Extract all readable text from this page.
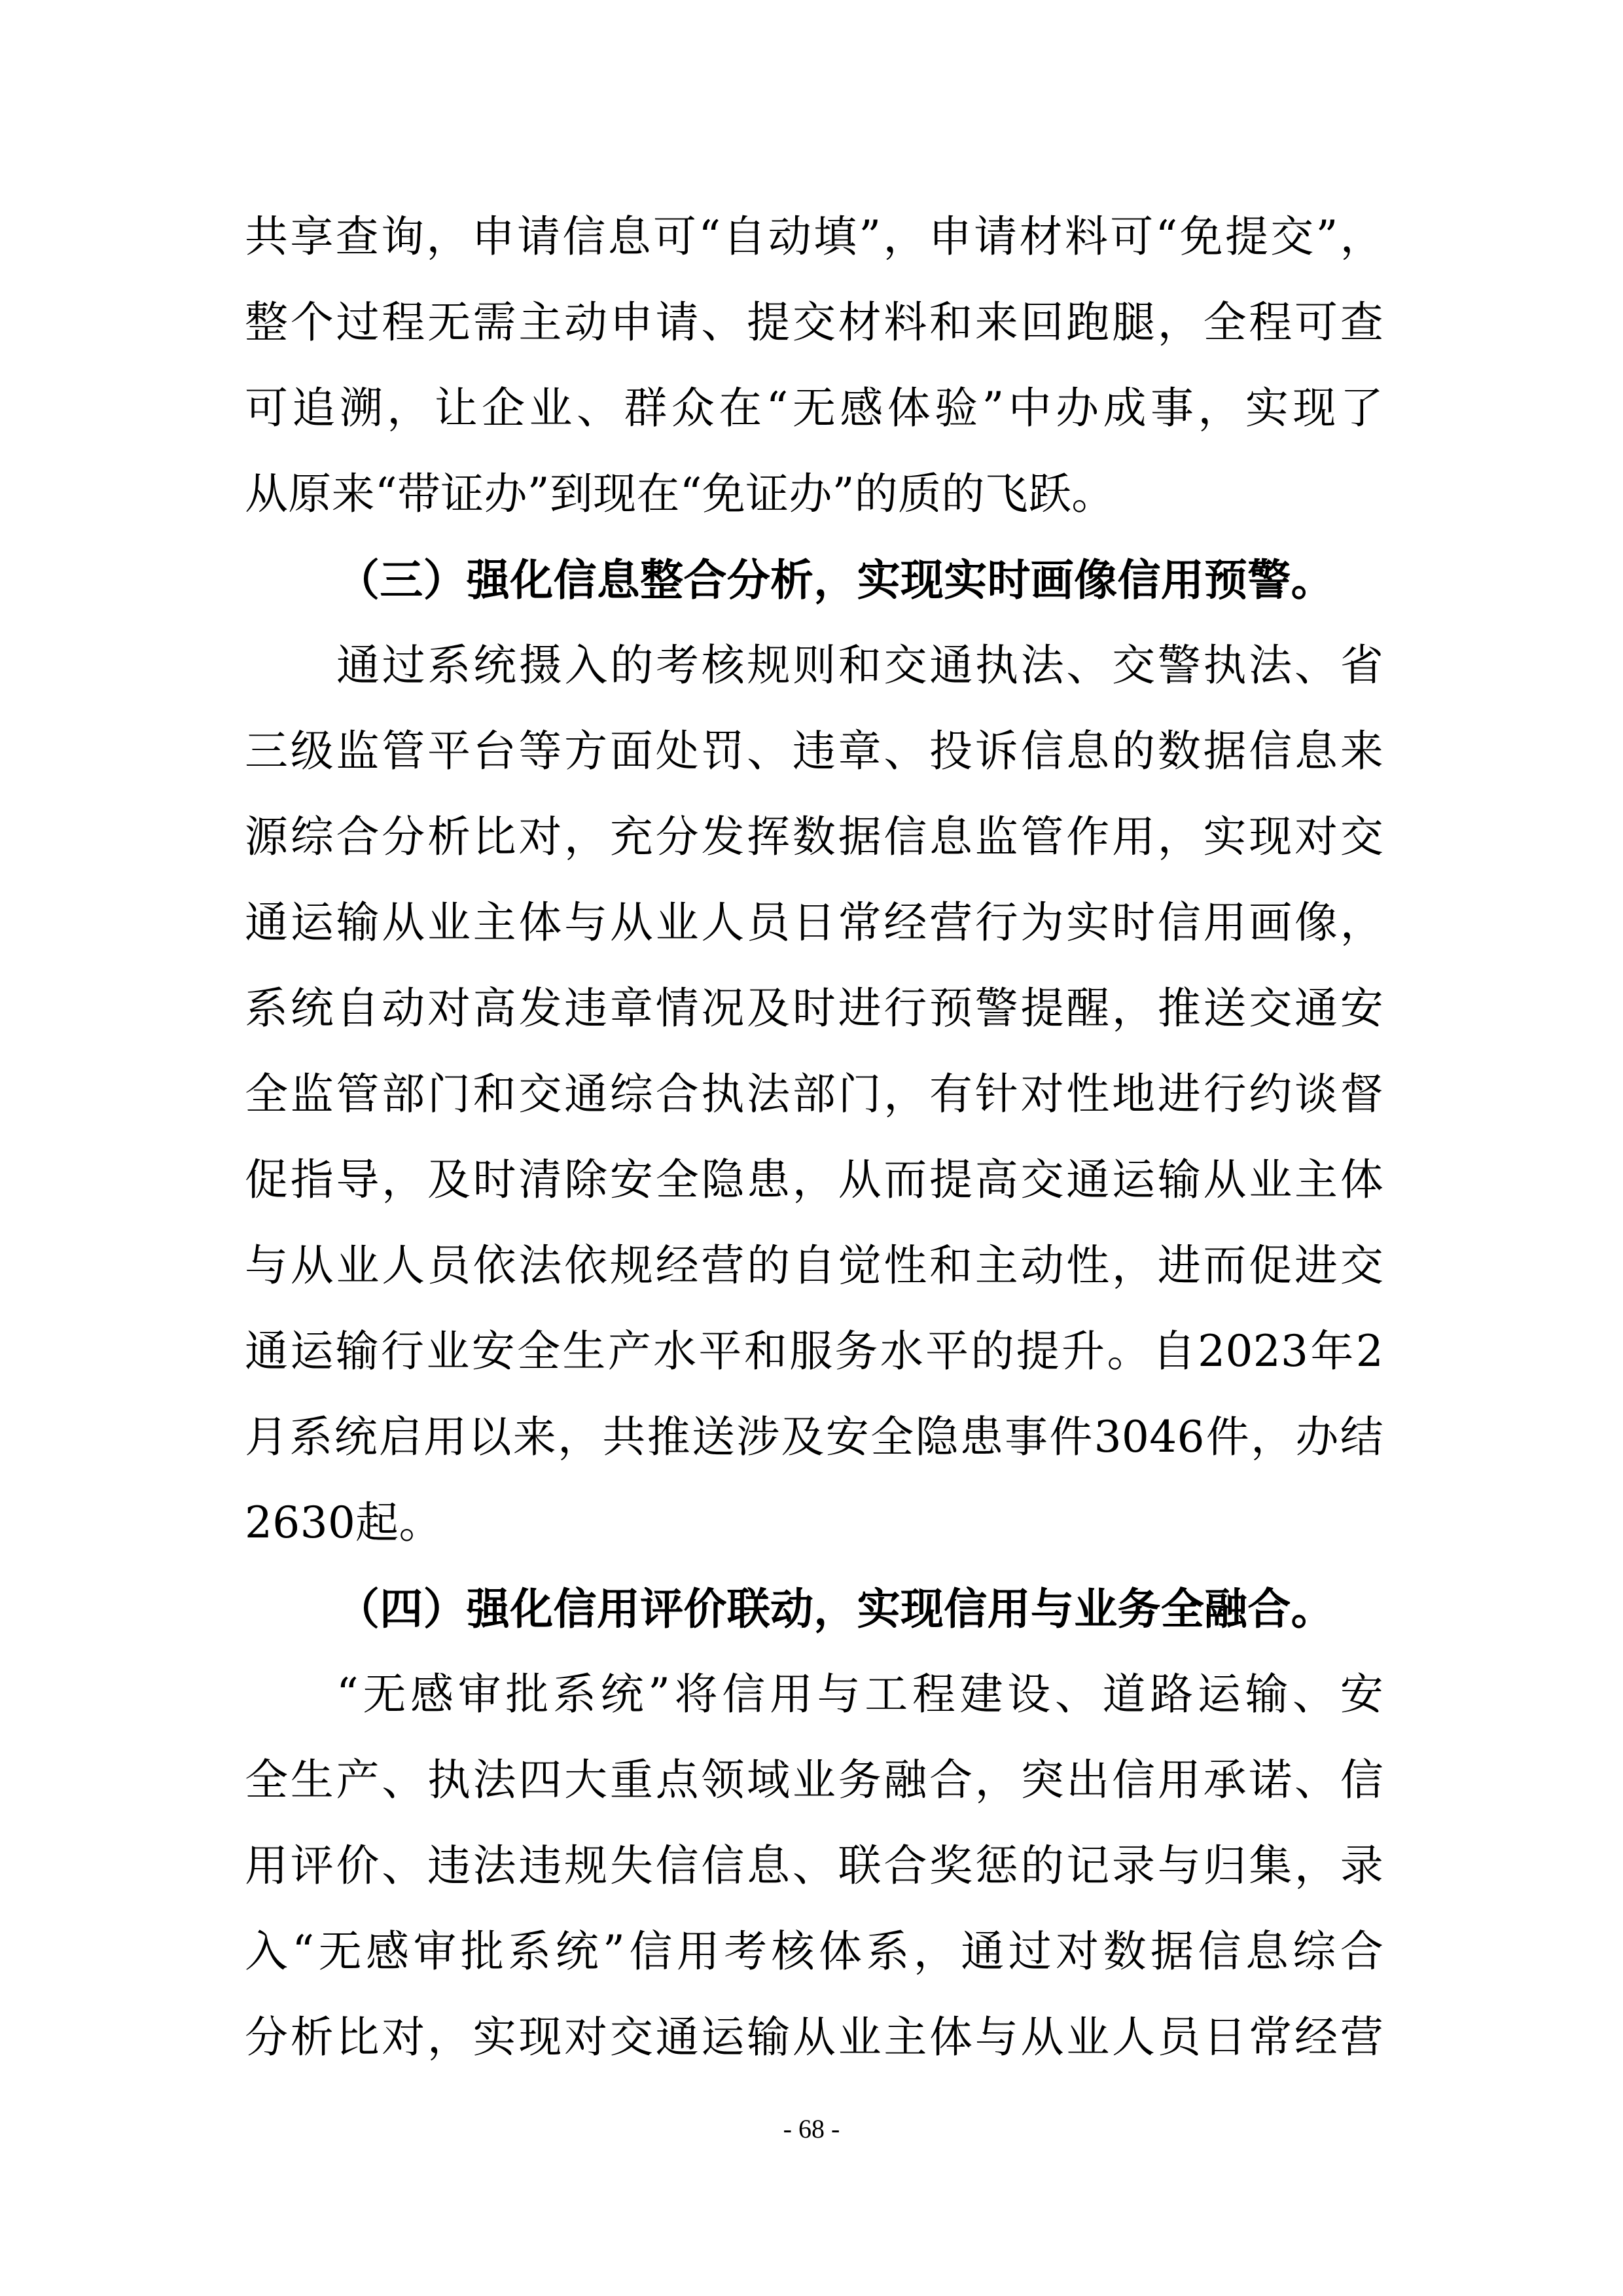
共享查询，申请信息可“自动填”，申请材料可“免提交”，
整个过程无需主动申请、提交材料和来回跑腿，全程可查
可追溯，让企业、群众在“无感体验”中办成事，实现了
从原来“带证办”到现在“免证办”的质的飞跃。
（三）强化信息整合分析，实现实时画像信用预警。
通过系统摄入的考核规则和交通执法、交警执法、省
三级监管平台等方面处罚、违章、投诉信息的数据信息来
源综合分析比对，充分发挥数据信息监管作用，实现对交
通运输从业主体与从业人员日常经营行为实时信用画像，
系统自动对高发违章情况及时进行预警提醒，推送交通安
全监管部门和交通综合执法部门，有针对性地进行约谈督
促指导，及时清除安全隐患，从而提高交通运输从业主体
与从业人员依法依规经营的自觉性和主动性，进而促进交
通运输行业安全生产水平和服务水平的提升。自2023年2
月系统启用以来，共推送涉及安全隐患事件3046件，办结
2630起。
（四）强化信用评价联动，实现信用与业务全融合。
“无感审批系统”将信用与工程建设、道路运输、安
全生产、执法四大重点领域业务融合，突出信用承诺、信
用评价、违法违规失信信息、联合奖惩的记录与归集，录
入“无感审批系统”信用考核体系，通过对数据信息综合
分析比对，实现对交通运输从业主体与从业人员日常经营
- 68 -
